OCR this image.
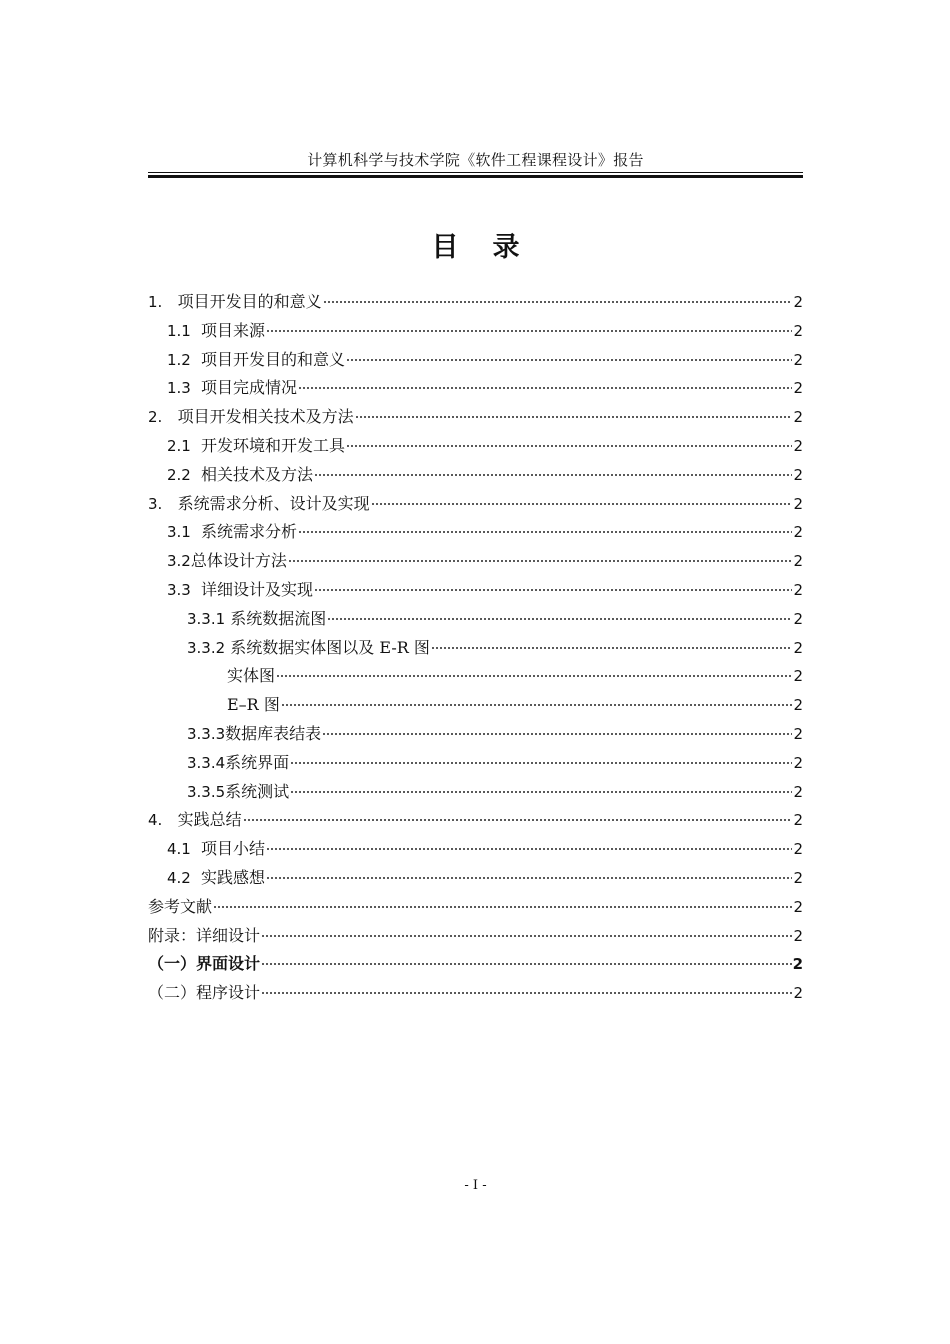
计算机科学与技术学院《软件工程课程设计》报告
目 录
1. 项目开发目的和意义	2
1.1 项目来源	2
1.2 项目开发目的和意义	2
1.3 项目完成情况	2
2. 项目开发相关技术及方法	2
2.1 开发环境和开发工具	2
2.2 相关技术及方法	2
3. 系统需求分析、设计及实现	2
3.1 系统需求分析	2
3.2总体设计方法	2
3.3 详细设计及实现	2
3.3.1 系统数据流图	2
3.3.2 系统数据实体图以及 E-R 图	2
实体图	2
E–R 图	2
3.3.3数据库表结表	2
3.3.4系统界面	2
3.3.5系统测试	2
4. 实践总结	2
4.1 项目小结	2
4.2 实践感想	2
参考文献	2
附录：详细设计	2
（一）界面设计	2
（二）程序设计	2
- I -
